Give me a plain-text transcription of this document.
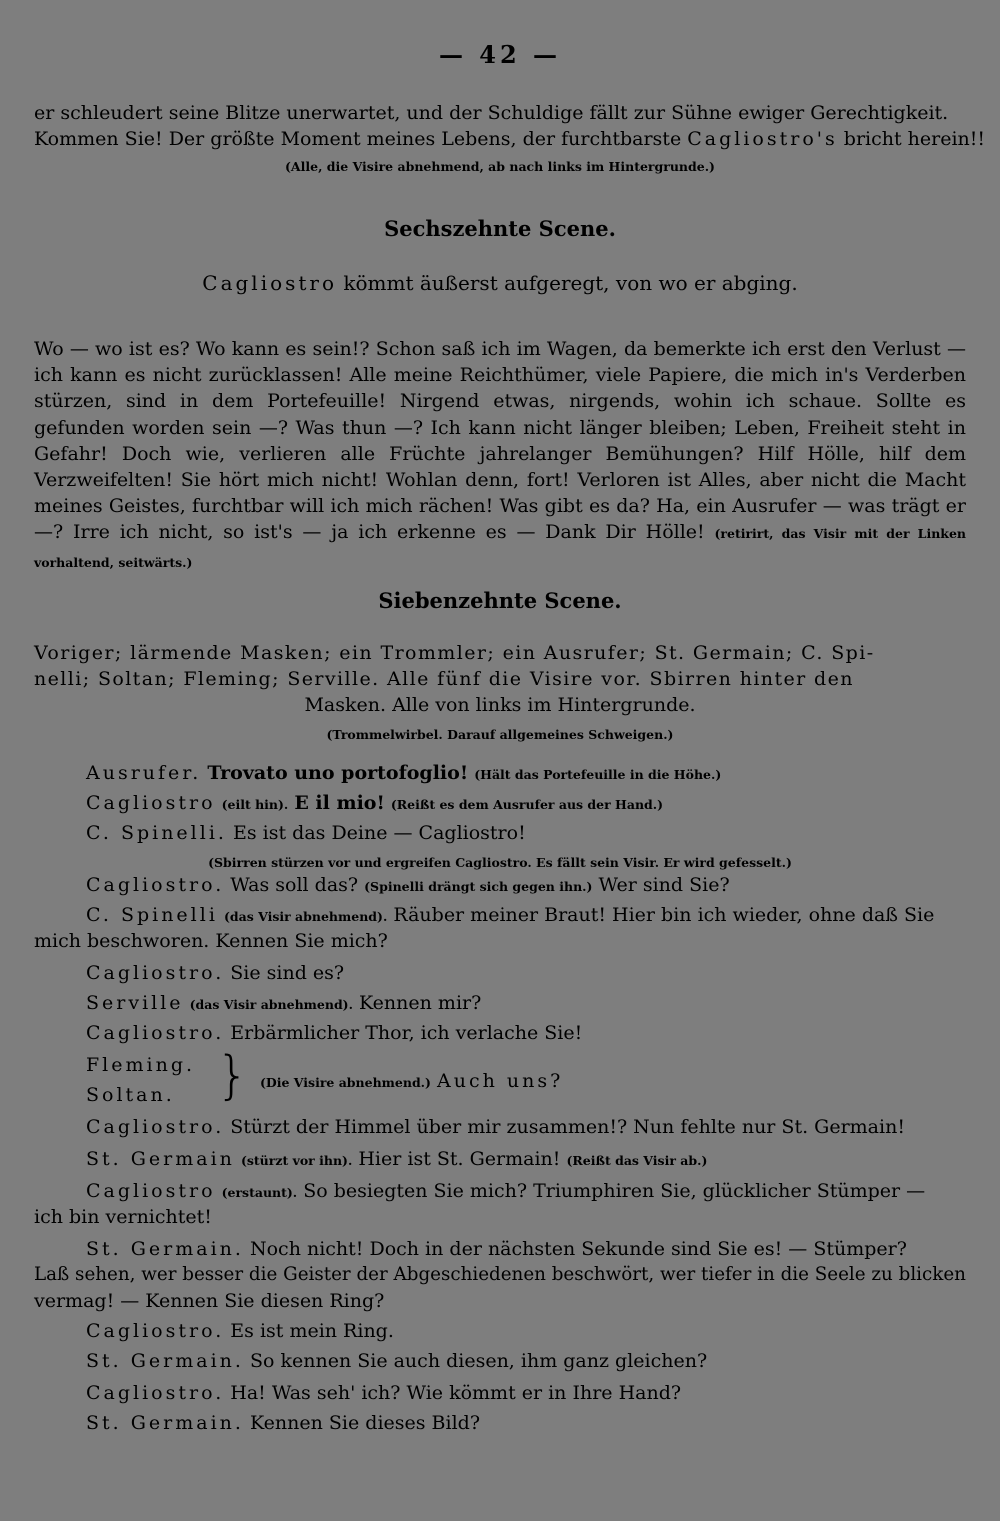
— 42 —
er schleudert seine Blitze unerwartet, und der Schuldige fällt zur Sühne ewiger Gerechtigkeit.
Kommen Sie! Der größte Moment meines Lebens, der furchtbarste Cagliostro's bricht herein!!
(Alle, die Visire abnehmend, ab nach links im Hintergrunde.)
Sechszehnte Scene.
Cagliostro kömmt äußerst aufgeregt, von wo er abging.
Wo — wo ist es? Wo kann es sein!? Schon saß ich im Wagen, da bemerkte ich erst den Verlust — ich kann es nicht zurücklassen! Alle meine Reichthümer, viele Papiere, die mich in's Verderben stürzen, sind in dem Portefeuille! Nirgend etwas, nirgends, wohin ich schaue. Sollte es gefunden worden sein —? Was thun —? Ich kann nicht länger bleiben; Leben, Freiheit steht in Gefahr! Doch wie, verlieren alle Früchte jahrelanger Bemühungen? Hilf Hölle, hilf dem Verzweifelten! Sie hört mich nicht! Wohlan denn, fort! Verloren ist Alles, aber nicht die Macht meines Geistes, furchtbar will ich mich rächen! Was gibt es da? Ha, ein Ausrufer — was trägt er —? Irre ich nicht, so ist's — ja ich erkenne es — Dank Dir Hölle! (retirirt, das Visir mit der Linken vorhaltend, seitwärts.)
Siebenzehnte Scene.
Voriger; lärmende Masken; ein Trommler; ein Ausrufer; St. Germain; C. Spi-
nelli; Soltan; Fleming; Serville. Alle fünf die Visire vor. Sbirren hinter den
Masken. Alle von links im Hintergrunde.
(Trommelwirbel. Darauf allgemeines Schweigen.)
Ausrufer. Trovato uno portofoglio! (Hält das Portefeuille in die Höhe.)
Cagliostro (eilt hin). E il mio! (Reißt es dem Ausrufer aus der Hand.)
C. Spinelli. Es ist das Deine — Cagliostro!
(Sbirren stürzen vor und ergreifen Cagliostro. Es fällt sein Visir. Er wird gefesselt.)
Cagliostro. Was soll das? (Spinelli drängt sich gegen ihn.) Wer sind Sie?
C. Spinelli (das Visir abnehmend). Räuber meiner Braut! Hier bin ich wieder, ohne daß Sie
mich beschworen. Kennen Sie mich?
Cagliostro. Sie sind es?
Serville (das Visir abnehmend). Kennen mir?
Cagliostro. Erbärmlicher Thor, ich verlache Sie!
Fleming.
Soltan. } (Die Visire abnehmend.) Auch uns?
Cagliostro. Stürzt der Himmel über mir zusammen!? Nun fehlte nur St. Germain!
St. Germain (stürzt vor ihn). Hier ist St. Germain! (Reißt das Visir ab.)
Cagliostro (erstaunt). So besiegten Sie mich? Triumphiren Sie, glücklicher Stümper —
ich bin vernichtet!
St. Germain. Noch nicht! Doch in der nächsten Sekunde sind Sie es! — Stümper?
Laß sehen, wer besser die Geister der Abgeschiedenen beschwört, wer tiefer in die Seele zu blicken
vermag! — Kennen Sie diesen Ring?
Cagliostro. Es ist mein Ring.
St. Germain. So kennen Sie auch diesen, ihm ganz gleichen?
Cagliostro. Ha! Was seh' ich? Wie kömmt er in Ihre Hand?
St. Germain. Kennen Sie dieses Bild?
